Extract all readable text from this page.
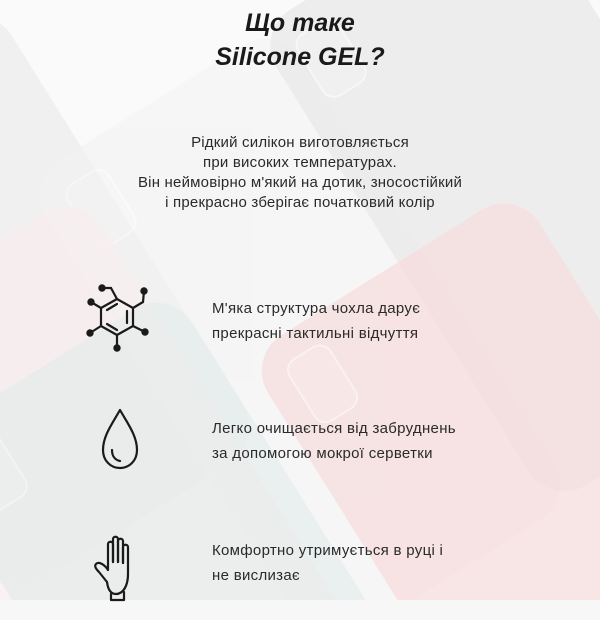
Що таке
Silicone GEL?
Рідкий силікон виготовляється
при високих температурах.
Він неймовірно м'який на дотик, зносостійкий
і прекрасно зберігає початковий колір
М'яка структура чохла дарує
прекрасні тактильні відчуття
Легко очищається від забруднень
за допомогою мокрої серветки
Комфортно утримується в руці і
не вислизає
